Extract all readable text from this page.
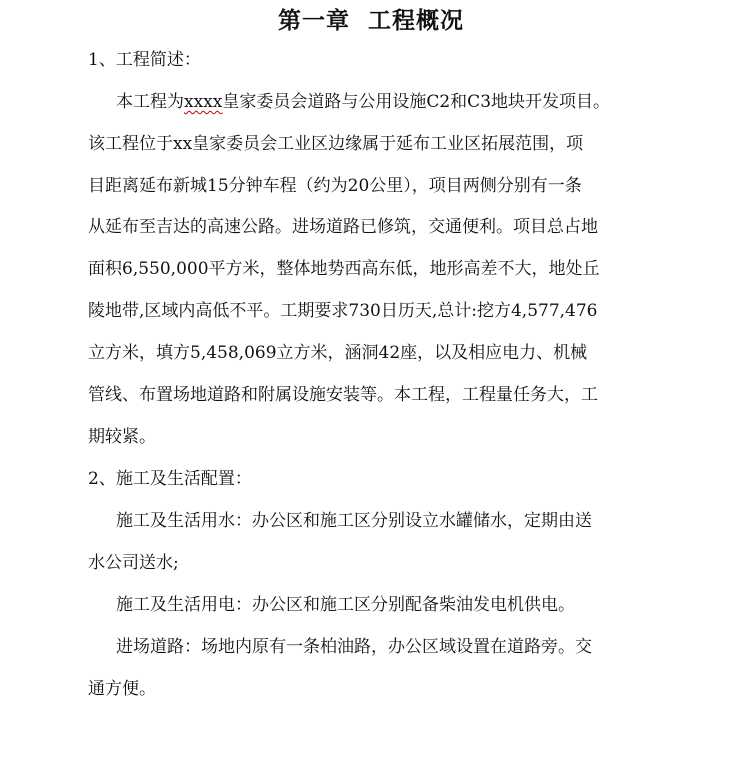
第一章  工程概况
1、工程简述：
本工程为xxxx皇家委员会道路与公用设施C2和C3地块开发项目。
该工程位于xx皇家委员会工业区边缘属于延布工业区拓展范围，项
目距离延布新城15分钟车程（约为20公里），项目两侧分别有一条
从延布至吉达的高速公路。进场道路已修筑，交通便利。项目总占地
面积6,550,000平方米，整体地势西高东低，地形高差不大，地处丘
陵地带,区域内高低不平。工期要求730日历天,总计:挖方4,577,476
立方米，填方5,458,069立方米，涵洞42座，以及相应电力、机械
管线、布置场地道路和附属设施安装等。本工程，工程量任务大，工
期较紧。
2、施工及生活配置：
施工及生活用水：办公区和施工区分别设立水罐储水，定期由送
水公司送水;
施工及生活用电：办公区和施工区分别配备柴油发电机供电。
进场道路：场地内原有一条柏油路，办公区域设置在道路旁。交
通方便。
